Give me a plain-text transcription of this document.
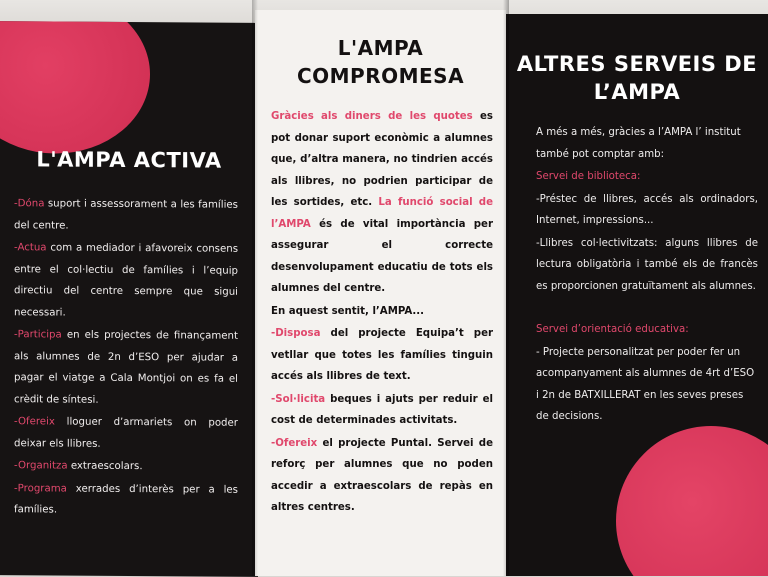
L'AMPA ACTIVA
-Dóna suport i assessorament a les famílies del centre.
-Actua com a mediador i afavoreix consens entre el col·lectiu de famílies i l’equip directiu del centre sempre que sigui necessari.
-Participa en els projectes de finançament als alumnes de 2n d’ESO per ajudar a pagar el viatge a Cala Montjoi on es fa el crèdit de síntesi.
-Ofereix lloguer d’armariets on poder deixar els llibres.
-Organitza extraescolars.
-Programa xerrades d’interès per a les famílies.
L'AMPA
COMPROMESA
Gràcies als diners de les quotes es pot donar suport econòmic a alumnes que, d’altra manera, no tindrien accés als llibres, no podrien participar de les sortides, etc. La funció social de l’AMPA és de vital importància per assegurar el correcte desenvolupament educatiu de tots els alumnes del centre.
En aquest sentit, l’AMPA...
-Disposa del projecte Equipa’t per vetllar que totes les famílies tinguin accés als llibres de text.
-Sol·licita beques i ajuts per reduir el cost de determinades activitats.
-Ofereix el projecte Puntal. Servei de reforç per alumnes que no poden accedir a extraescolars de repàs en altres centres.
ALTRES SERVEIS DE
L’AMPA
A més a més, gràcies a l’AMPA l’ institut també pot comptar amb:
Servei de biblioteca:
-Préstec de llibres, accés als ordinadors, Internet, impressions...
-Llibres col·lectivitzats: alguns llibres de lectura obligatòria i també els de francès es proporcionen gratuïtament als alumnes.
Servei d’orientació educativa:
- Projecte personalitzat per poder fer un acompanyament als alumnes de 4rt d’ESO i 2n de BATXILLERAT en les seves preses de decisions.
